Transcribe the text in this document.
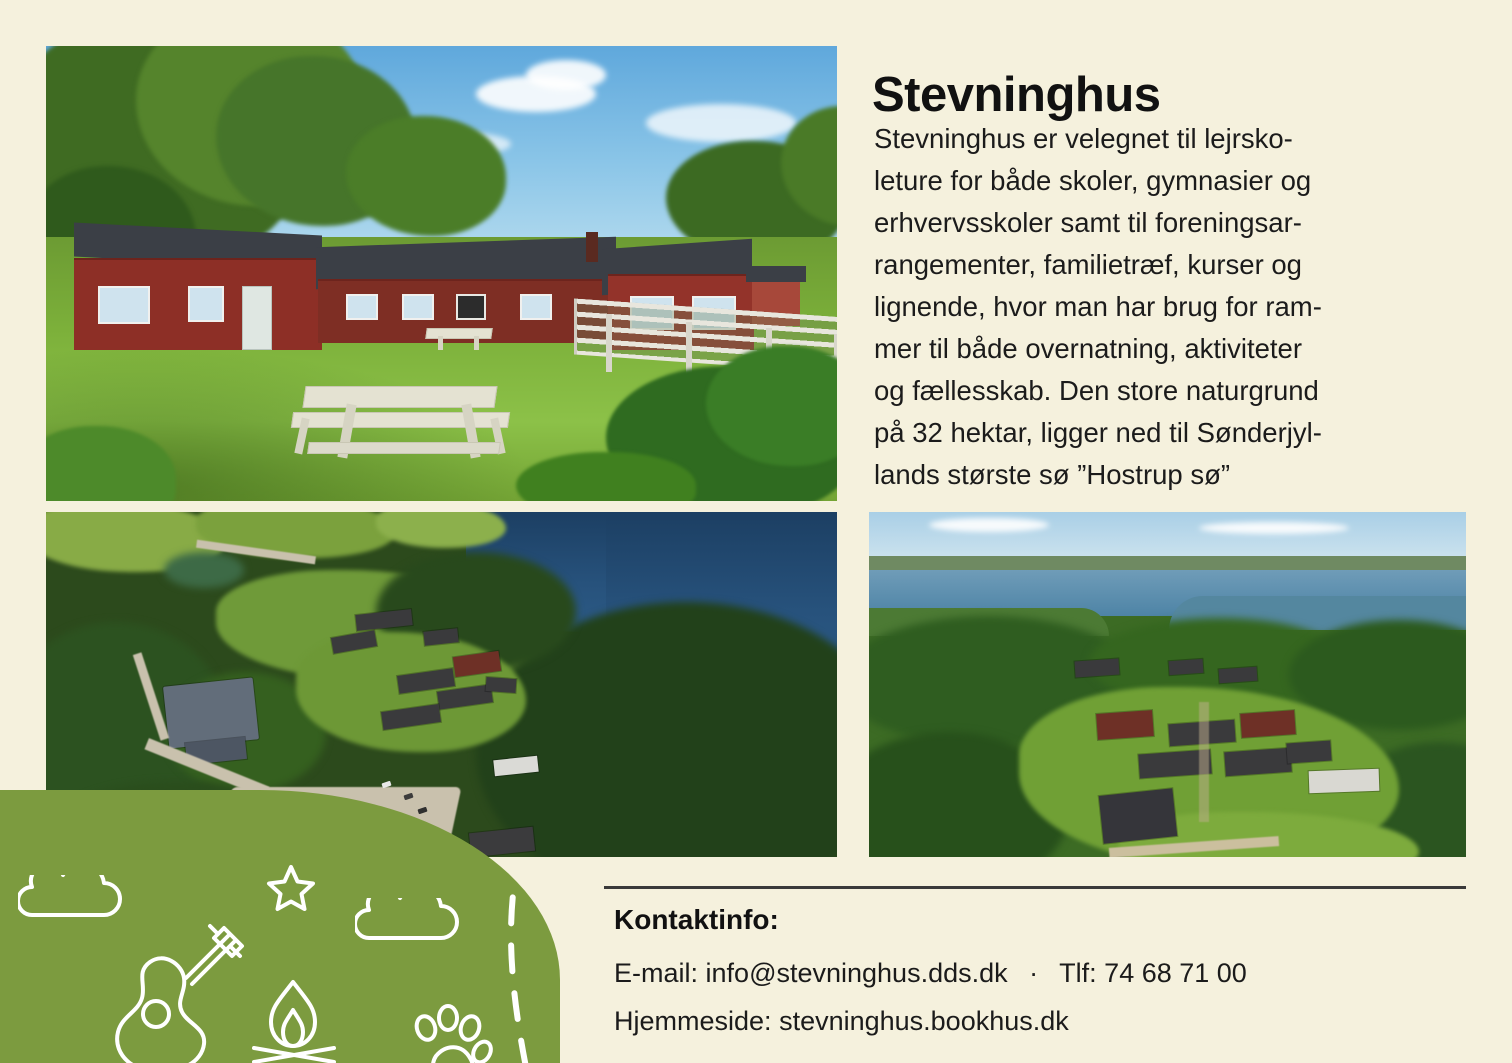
Stevninghus
Stevninghus er velegnet til lejrsko-
leture for både skoler, gymnasier og
erhvervsskoler samt til foreningsar-
rangementer, familietræf, kurser og
lignende, hvor man har brug for ram-
mer til både overnatning, aktiviteter
og fællesskab. Den store naturgrund
på 32 hektar, ligger ned til Sønderjyl-
lands største sø ”Hostrup sø”
Kontaktinfo:
E-mail: info@stevninghus.dds.dk · Tlf: 74 68 71 00
Hjemmeside: stevninghus.bookhus.dk
